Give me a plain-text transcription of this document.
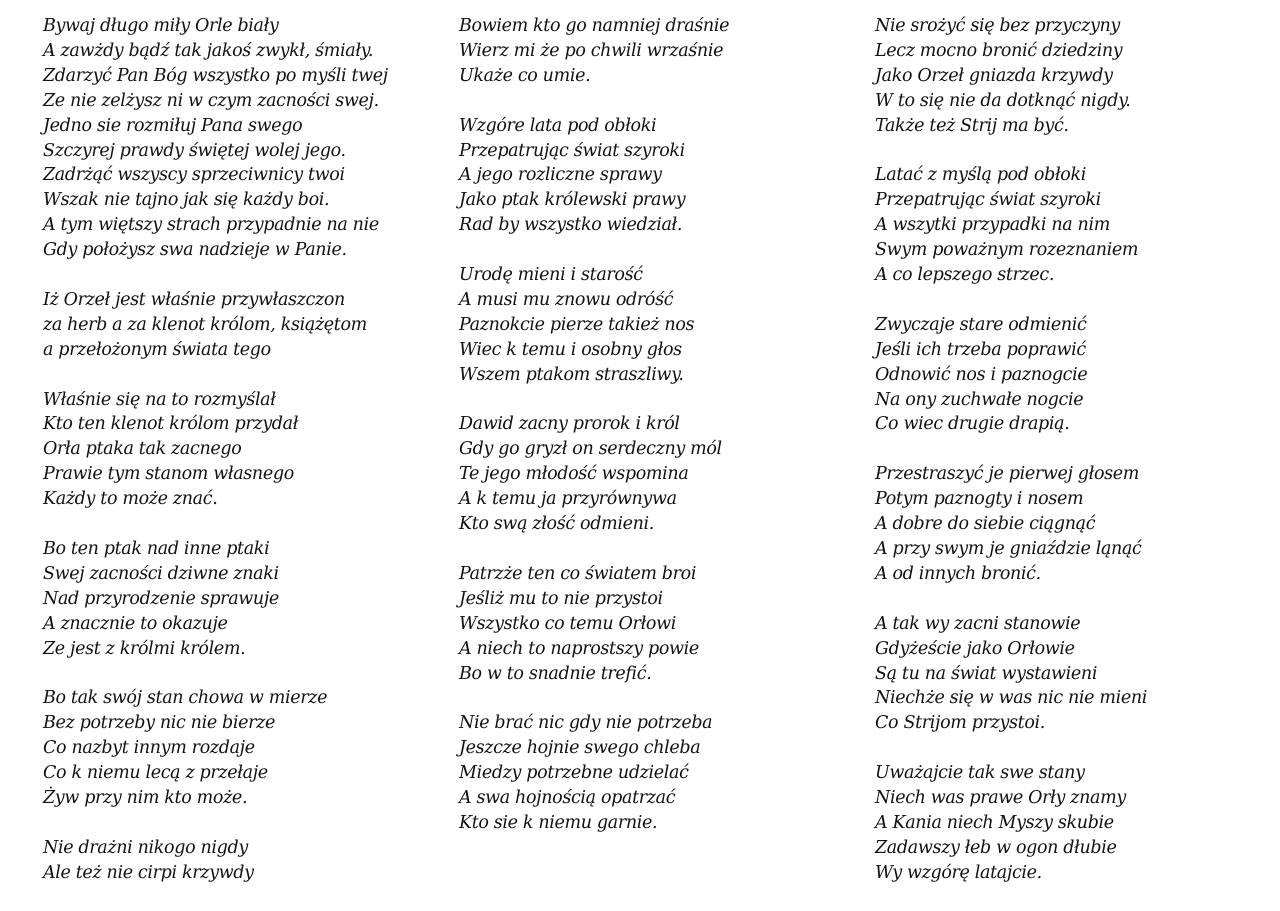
Bywaj długo miły Orle biały
A zawżdy bądź tak jakoś zwykł, śmiały.
Zdarzyć Pan Bóg wszystko po myśli twej
Ze nie zelżysz ni w czym zacności swej.
Jedno sie rozmiłuj Pana swego
Szczyrej prawdy świętej wolej jego.
Zadrżąć wszyscy sprzeciwnicy twoi
Wszak nie tajno jak się każdy boi.
A tym więtszy strach przypadnie na nie
Gdy położysz swa nadzieje w Panie.
Iż Orzeł jest właśnie przywłaszczon
za herb a za klenot królom, książętom
a przełożonym świata tego
Właśnie się na to rozmyślał
Kto ten klenot królom przydał
Orła ptaka tak zacnego
Prawie tym stanom własnego
Każdy to może znać.
Bo ten ptak nad inne ptaki
Swej zacności dziwne znaki
Nad przyrodzenie sprawuje
A znacznie to okazuje
Ze jest z królmi królem.
Bo tak swój stan chowa w mierze
Bez potrzeby nic nie bierze
Co nazbyt innym rozdaje
Co k niemu lecą z przełaje
Żyw przy nim kto może.
Nie drażni nikogo nigdy
Ale też nie cirpi krzywdy
Bowiem kto go namniej draśnie
Wierz mi że po chwili wrzaśnie
Ukaże co umie.
Wzgóre lata pod obłoki
Przepatrując świat szyroki
A jego rozliczne sprawy
Jako ptak królewski prawy
Rad by wszystko wiedział.
Urodę mieni i starość
A musi mu znowu odróść
Paznokcie pierze takież nos
Wiec k temu i osobny głos
Wszem ptakom straszliwy.
Dawid zacny prorok i król
Gdy go gryzł on serdeczny mól
Te jego młodość wspomina
A k temu ja przyrównywa
Kto swą złość odmieni.
Patrzże ten co światem broi
Jeśliż mu to nie przystoi
Wszystko co temu Orłowi
A niech to naprostszy powie
Bo w to snadnie trefić.
Nie brać nic gdy nie potrzeba
Jeszcze hojnie swego chleba
Miedzy potrzebne udzielać
A swa hojnością opatrzać
Kto sie k niemu garnie.
Nie srożyć się bez przyczyny
Lecz mocno bronić dziedziny
Jako Orzeł gniazda krzywdy
W to się nie da dotknąć nigdy.
Także też Strij ma być.
Latać z myślą pod obłoki
Przepatrując świat szyroki
A wszytki przypadki na nim
Swym poważnym rozeznaniem
A co lepszego strzec.
Zwyczaje stare odmienić
Jeśli ich trzeba poprawić
Odnowić nos i paznogcie
Na ony zuchwałe nogcie
Co wiec drugie drapią.
Przestraszyć je pierwej głosem
Potym paznogty i nosem
A dobre do siebie ciągnąć
A przy swym je gniaździe ląnąć
A od innych bronić.
A tak wy zacni stanowie
Gdyżeście jako Orłowie
Są tu na świat wystawieni
Niechże się w was nic nie mieni
Co Strijom przystoi.
Uważajcie tak swe stany
Niech was prawe Orły znamy
A Kania niech Myszy skubie
Zadawszy łeb w ogon dłubie
Wy wzgórę latajcie.
